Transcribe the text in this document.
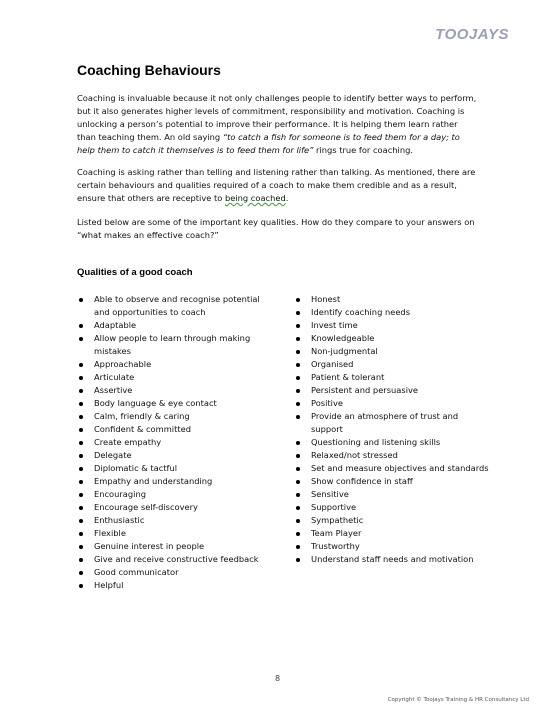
TOOJAYS
Coaching Behaviours

Coaching is invaluable because it not only challenges people to identify better ways to perform, but it also generates higher levels of commitment, responsibility and motivation. Coaching is unlocking a person’s potential to improve their performance. It is helping them learn rather than teaching them. An old saying “to catch a fish for someone is to feed them for a day; to help them to catch it themselves is to feed them for life” rings true for coaching.

Coaching is asking rather than telling and listening rather than talking. As mentioned, there are certain behaviours and qualities required of a coach to make them credible and as a result, ensure that others are receptive to being coached.

Listed below are some of the important key qualities. How do they compare to your answers on “what makes an effective coach?”

Qualities of a good coach
Able to observe and recognise potential and opportunities to coach
Adaptable
Allow people to learn through making mistakes
Approachable
Articulate
Assertive
Body language & eye contact
Calm, friendly & caring
Confident & committed
Create empathy
Delegate
Diplomatic & tactful
Empathy and understanding
Encouraging
Encourage self-discovery
Enthusiastic
Flexible
Genuine interest in people
Give and receive constructive feedback
Good communicator
Helpful
Honest
Identify coaching needs
Invest time
Knowledgeable
Non-judgmental
Organised
Patient & tolerant
Persistent and persuasive
Positive
Provide an atmosphere of trust and support
Questioning and listening skills
Relaxed/not stressed
Set and measure objectives and standards
Show confidence in staff
Sensitive
Supportive
Sympathetic
Team Player
Trustworthy
Understand staff needs and motivation
8
Copyright © Toojays Training & HR Consultancy Ltd
